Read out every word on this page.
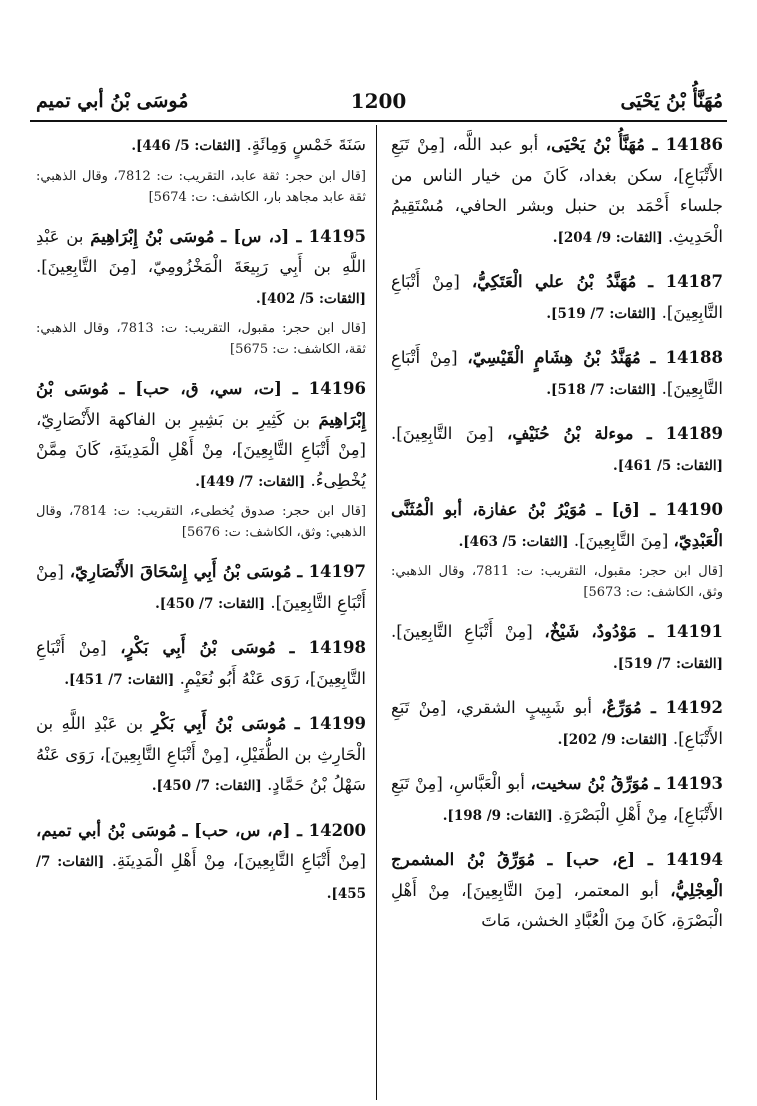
مُهَنَّأُ بْنُ يَحْيَى
1200
مُوسَى بْنُ أبي تميم

14186 ـ مُهَنَّأُ بْنُ يَحْيَى، أبو عبد اللَّه، [مِنْ تَبَعِ الأَتْبَاعِ]، سكن بغداد، كَانَ من خيار الناس من جلساء أَحْمَد بن حنبل وبشر الحافي، مُسْتَقِيمُ الْحَدِيثِ. [الثقات: 9/ 204].

14187 ـ مُهَنَّدُ بْنُ علي الْعَتَكِيُّ، [مِنْ أَتْبَاعِ التَّابِعِينَ]. [الثقات: 7/ 519].

14188 ـ مُهَنَّدُ بْنُ هِشَامٍ الْقَيْسِيّ، [مِنْ أَتْبَاعِ التَّابِعِينَ]. [الثقات: 7/ 518].

14189 ـ موءلة بْنُ حُنَيْفٍ، [مِنَ التَّابِعِينَ]. [الثقات: 5/ 461].

14190 ـ [ق] ـ مُوَيْرُ بْنُ عفازة، أبو الْمُثَنَّى الْعَبْدِيّ، [مِنَ التَّابِعِينَ]. [الثقات: 5/ 463].

[قال ابن حجر: مقبول، التقريب: ت: 7811، وقال الذهبي: وثق، الكاشف: ت: 5673]

14191 ـ مَوْدُودٌ، شَيْخٌ، [مِنْ أَتْبَاعِ التَّابِعِينَ]. [الثقات: 7/ 519].

14192 ـ مُوَرِّعٌ، أبو شَبِيبٍ الشقري، [مِنْ تَبَعِ الأَتْبَاعِ]. [الثقات: 9/ 202].

14193 ـ مُوَرِّقُ بْنُ سخيت، أبو الْعَبَّاسِ، [مِنْ تَبَعِ الأَتْبَاعِ]، مِنْ أَهْلِ الْبَصْرَةِ. [الثقات: 9/ 198].

14194 ـ [ع، حب] ـ مُوَرِّقُ بْنُ المشمرج الْعِجْلِيُّ، أبو المعتمر، [مِنَ التَّابِعِينَ]، مِنْ أَهْلِ الْبَصْرَةِ، كَانَ مِنَ الْعُبَّادِ الخشن، مَاتَ

سَنَةَ خَمْسٍ وَمِائَةٍ. [الثقات: 5/ 446].

[قال ابن حجر: ثقة عابد، التقريب: ت: 7812، وقال الذهبي: ثقة عابد مجاهد بار، الكاشف: ت: 5674]

14195 ـ [د، س] ـ مُوسَى بْنُ إِبْرَاهِيمَ بن عَبْدِ اللَّهِ بن أَبِي رَبِيعَةَ الْمَخْزُومِيّ، [مِنَ التَّابِعِينَ]. [الثقات: 5/ 402].

[قال ابن حجر: مقبول، التقريب: ت: 7813، وقال الذهبي: ثقة، الكاشف: ت: 5675]

14196 ـ [ت، سي، ق، حب] ـ مُوسَى بْنُ إِبْرَاهِيمَ بن كَثِيرِ بن بَشِيرِ بن الفاكهة الأَنْصَارِيّ، [مِنْ أَتْبَاعِ التَّابِعِينَ]، مِنْ أَهْلِ الْمَدِينَةِ، كَانَ مِمَّنْ يُخْطِىءُ. [الثقات: 7/ 449].

[قال ابن حجر: صدوق يُخطىء، التقريب: ت: 7814، وقال الذهبي: وثق، الكاشف: ت: 5676]

14197 ـ مُوسَى بْنُ أَبِي إِسْحَاقَ الأَنْصَارِيّ، [مِنْ أَتْبَاعِ التَّابِعِينَ]. [الثقات: 7/ 450].

14198 ـ مُوسَى بْنُ أَبِي بَكْرٍ، [مِنْ أَتْبَاعِ التَّابِعِينَ]، رَوَى عَنْهُ أَبُو نُعَيْمٍ. [الثقات: 7/ 451].

14199 ـ مُوسَى بْنُ أَبِي بَكْرِ بن عَبْدِ اللَّهِ بن الْحَارِثِ بن الطُّفَيْلِ، [مِنْ أَتْبَاعِ التَّابِعِينَ]، رَوَى عَنْهُ سَهْلُ بْنُ حَمَّادٍ. [الثقات: 7/ 450].

14200 ـ [م، س، حب] ـ مُوسَى بْنُ أبي تميم، [مِنْ أَتْبَاعِ التَّابِعِينَ]، مِنْ أَهْلِ الْمَدِينَةِ. [الثقات: 7/ 455].
